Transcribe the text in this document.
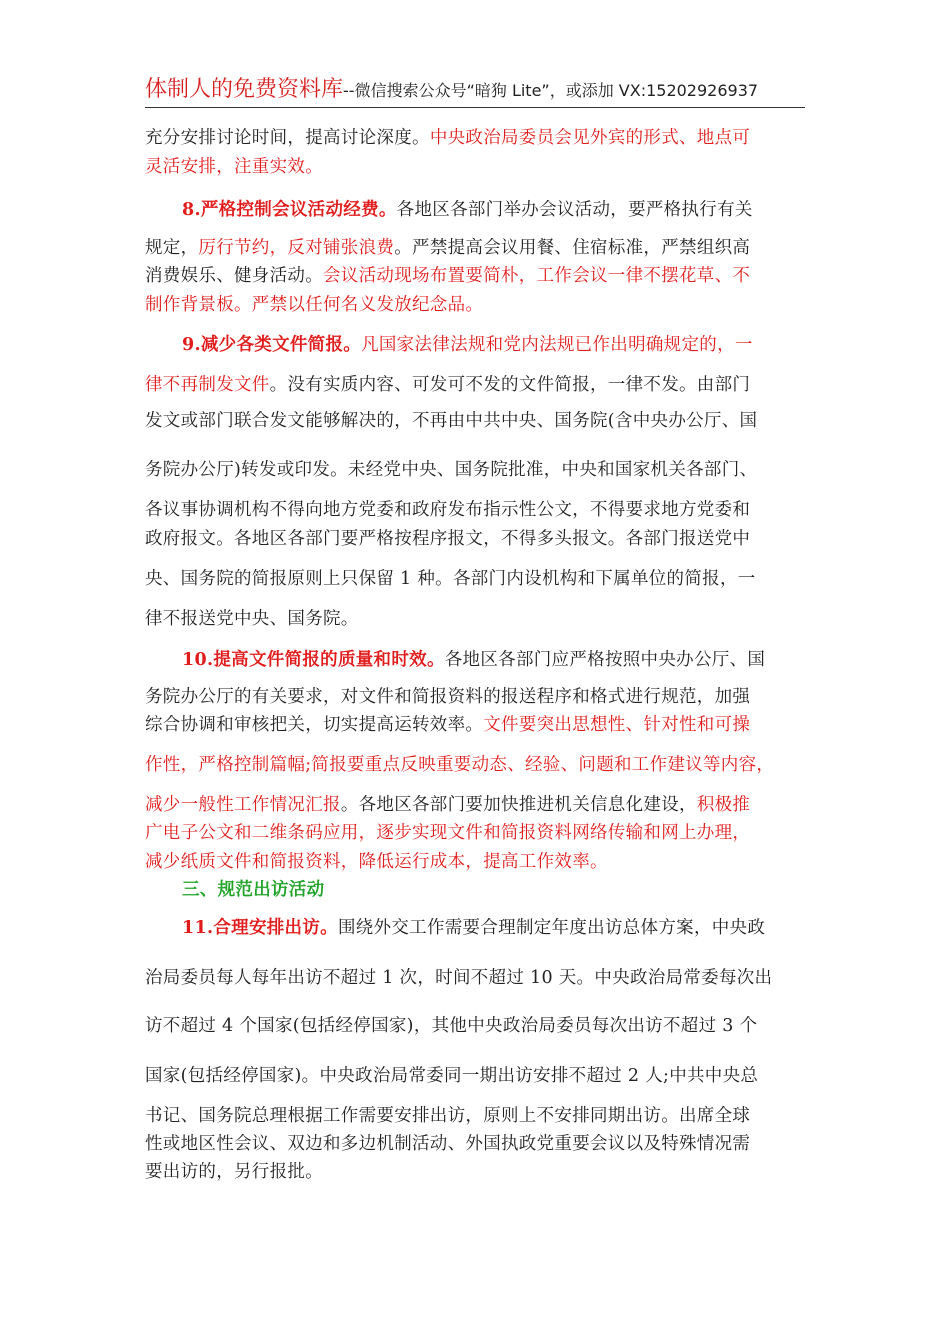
体制人的免费资料库--微信搜索公众号“暗狗 Lite”，或添加 VX:15202926937
充分安排讨论时间，提高讨论深度。中央政治局委员会见外宾的形式、地点可
灵活安排，注重实效。
8.严格控制会议活动经费。各地区各部门举办会议活动，要严格执行有关
规定，厉行节约，反对铺张浪费。严禁提高会议用餐、住宿标准，严禁组织高
消费娱乐、健身活动。会议活动现场布置要简朴，工作会议一律不摆花草、不
制作背景板。严禁以任何名义发放纪念品。
9.减少各类文件简报。凡国家法律法规和党内法规已作出明确规定的，一
律不再制发文件。没有实质内容、可发可不发的文件简报，一律不发。由部门
发文或部门联合发文能够解决的，不再由中共中央、国务院(含中央办公厅、国
务院办公厅)转发或印发。未经党中央、国务院批准，中央和国家机关各部门、
各议事协调机构不得向地方党委和政府发布指示性公文，不得要求地方党委和
政府报文。各地区各部门要严格按程序报文，不得多头报文。各部门报送党中
央、国务院的简报原则上只保留 1 种。各部门内设机构和下属单位的简报，一
律不报送党中央、国务院。
10.提高文件简报的质量和时效。各地区各部门应严格按照中央办公厅、国
务院办公厅的有关要求，对文件和简报资料的报送程序和格式进行规范，加强
综合协调和审核把关，切实提高运转效率。文件要突出思想性、针对性和可操
作性，严格控制篇幅;简报要重点反映重要动态、经验、问题和工作建议等内容，
减少一般性工作情况汇报。各地区各部门要加快推进机关信息化建设，积极推
广电子公文和二维条码应用，逐步实现文件和简报资料网络传输和网上办理，
减少纸质文件和简报资料，降低运行成本，提高工作效率。
三、规范出访活动
11.合理安排出访。围绕外交工作需要合理制定年度出访总体方案，中央政
治局委员每人每年出访不超过 1 次，时间不超过 10 天。中央政治局常委每次出
访不超过 4 个国家(包括经停国家)，其他中央政治局委员每次出访不超过 3 个
国家(包括经停国家)。中央政治局常委同一期出访安排不超过 2 人;中共中央总
书记、国务院总理根据工作需要安排出访，原则上不安排同期出访。出席全球
性或地区性会议、双边和多边机制活动、外国执政党重要会议以及特殊情况需
要出访的，另行报批。
